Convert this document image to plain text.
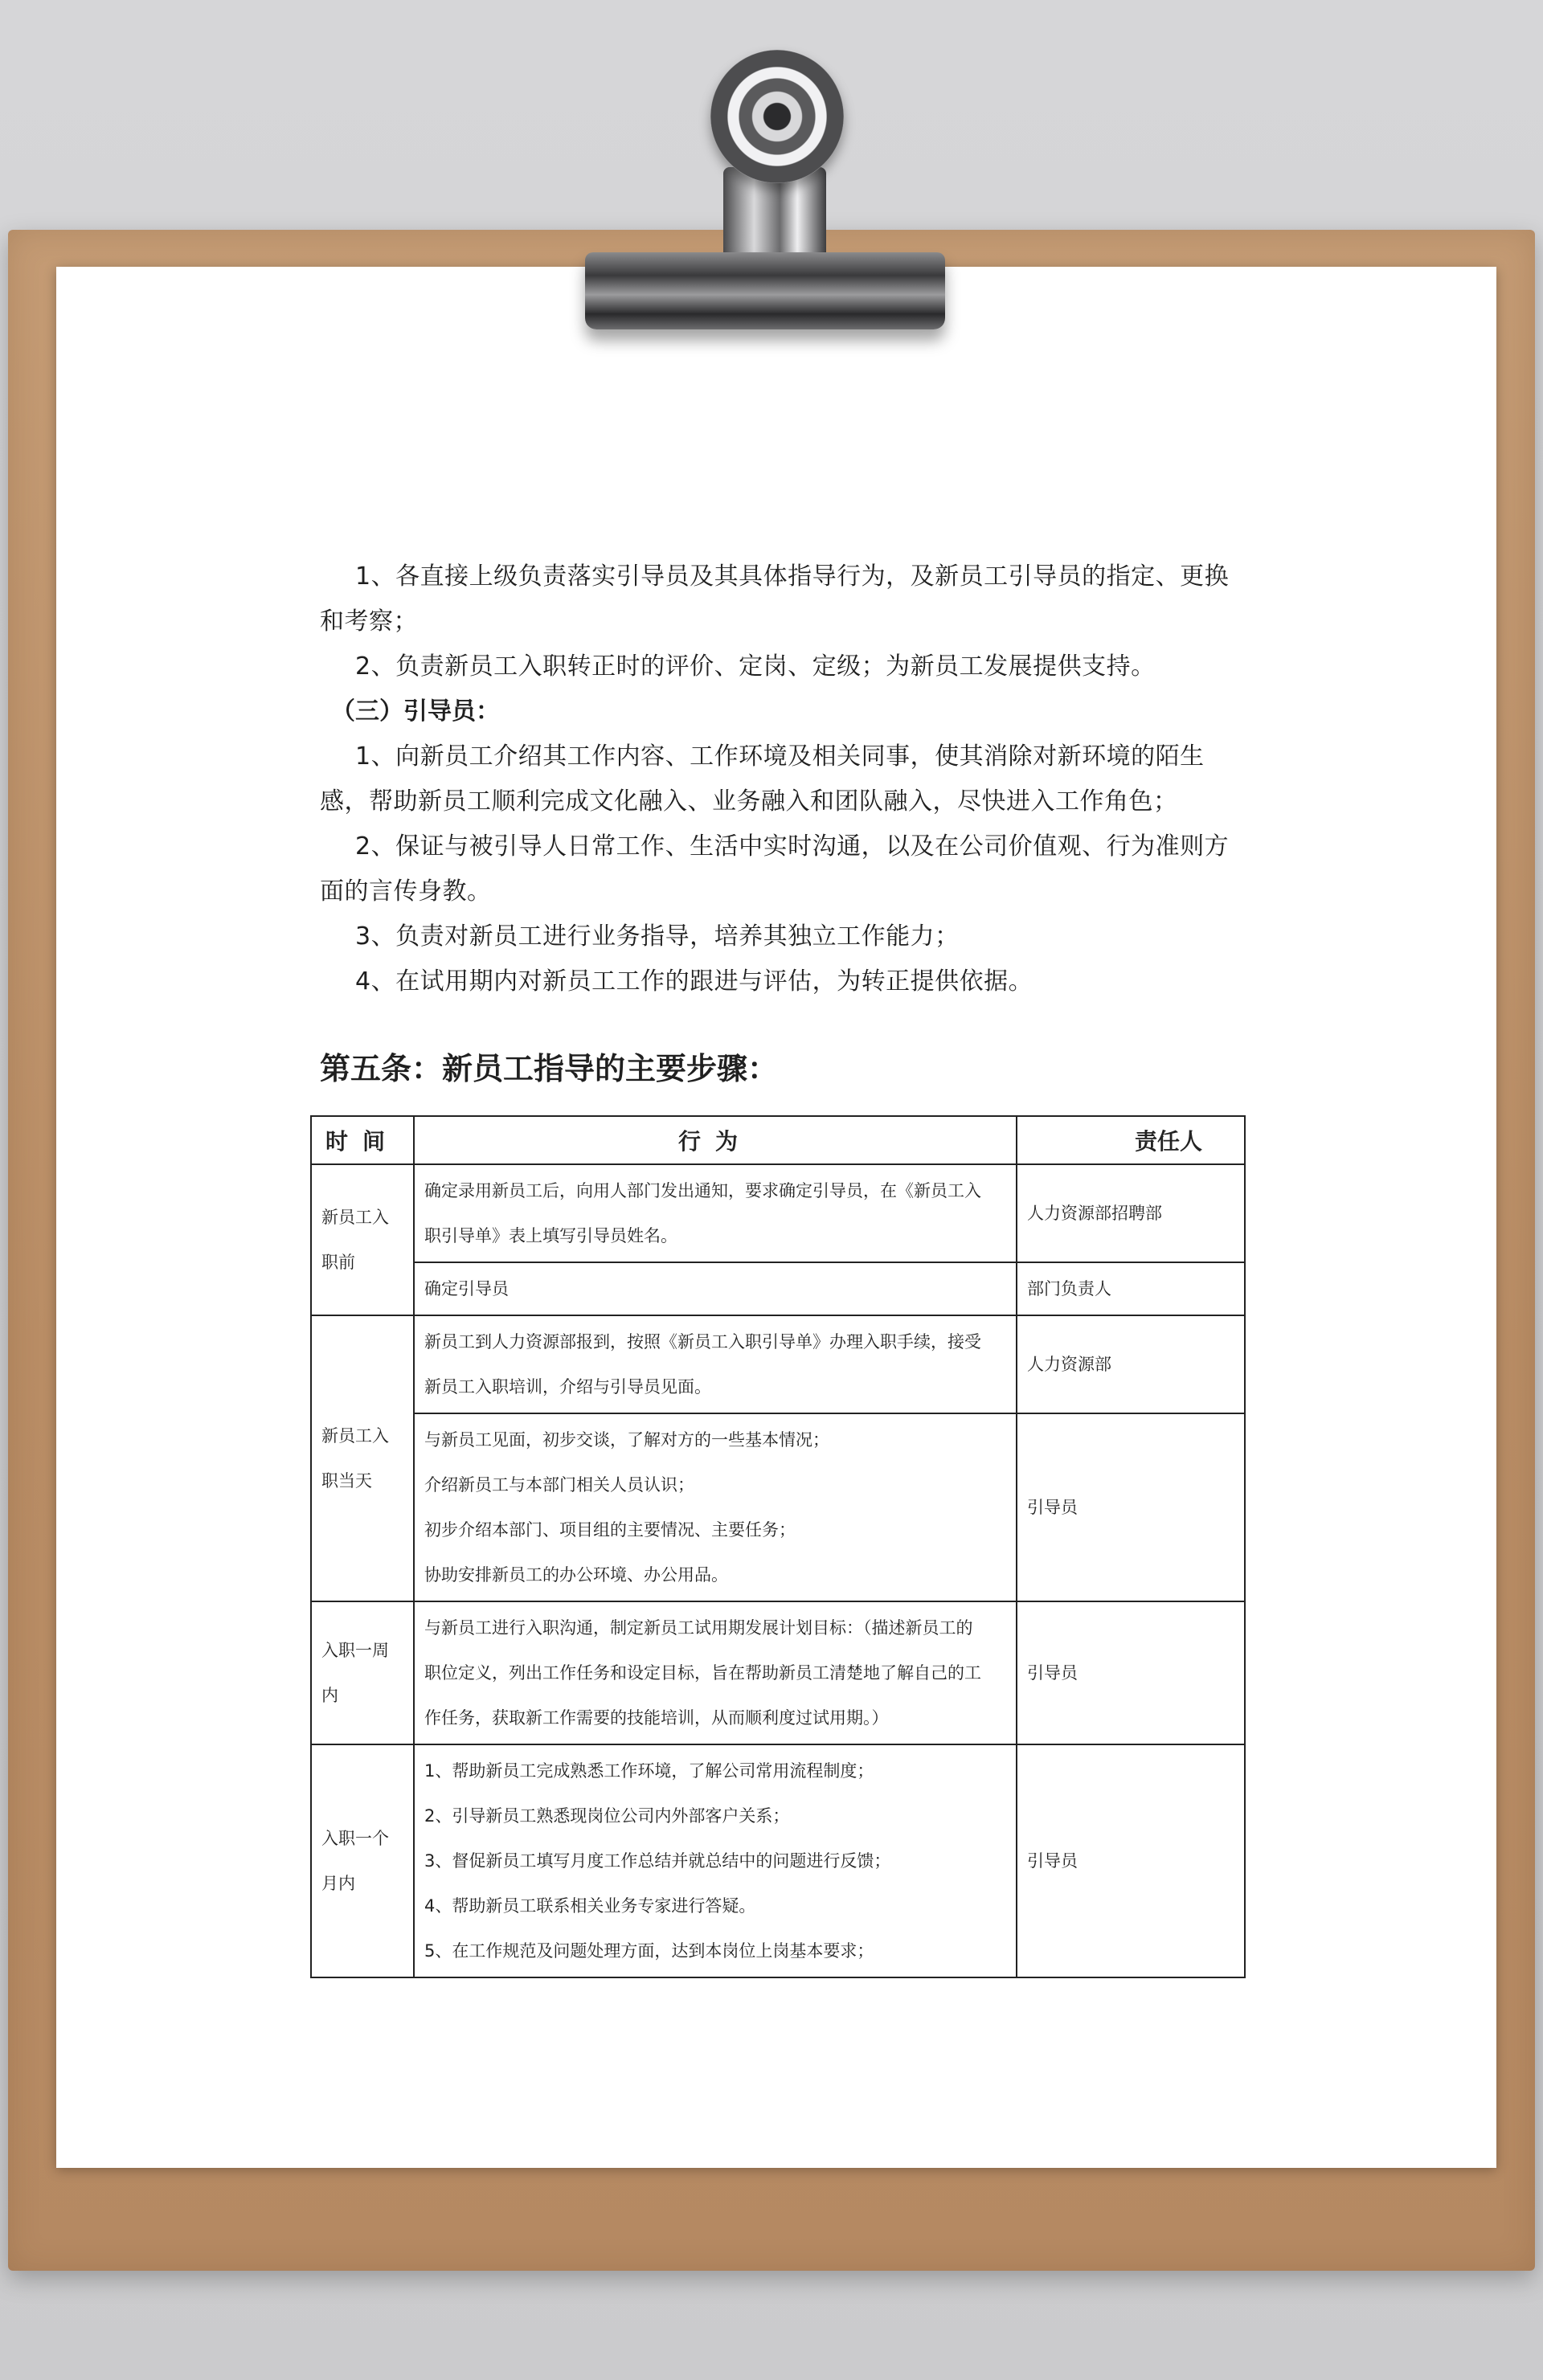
1、各直接上级负责落实引导员及其具体指导行为，及新员工引导员的指定、更换和考察；

2、负责新员工入职转正时的评价、定岗、定级；为新员工发展提供支持。

（三）引导员：

1、向新员工介绍其工作内容、工作环境及相关同事，使其消除对新环境的陌生感，帮助新员工顺利完成文化融入、业务融入和团队融入，尽快进入工作角色；

2、保证与被引导人日常工作、生活中实时沟通，以及在公司价值观、行为准则方面的言传身教。

3、负责对新员工进行业务指导，培养其独立工作能力；

4、在试用期内对新员工工作的跟进与评估，为转正提供依据。

第五条：新员工指导的主要步骤：
时间	行为	责任人

新员工入
职前	确定录用新员工后，向用人部门发出通知，要求确定引导员，在《新员工入
职引导单》表上填写引导员姓名。	人力资源部招聘部

	确定引导员	部门负责人

新员工入
职当天	新员工到人力资源部报到，按照《新员工入职引导单》办理入职手续，接受
新员工入职培训，介绍与引导员见面。	人力资源部

	与新员工见面，初步交谈，了解对方的一些基本情况；
介绍新员工与本部门相关人员认识；
初步介绍本部门、项目组的主要情况、主要任务；
协助安排新员工的办公环境、办公用品。	引导员

入职一周
内	与新员工进行入职沟通，制定新员工试用期发展计划目标：（描述新员工的
职位定义，列出工作任务和设定目标，旨在帮助新员工清楚地了解自己的工
作任务，获取新工作需要的技能培训，从而顺利度过试用期。）	引导员

入职一个
月内	1、帮助新员工完成熟悉工作环境，了解公司常用流程制度；
2、引导新员工熟悉现岗位公司内外部客户关系；
3、督促新员工填写月度工作总结并就总结中的问题进行反馈；
4、帮助新员工联系相关业务专家进行答疑。
5、在工作规范及问题处理方面，达到本岗位上岗基本要求；	引导员
